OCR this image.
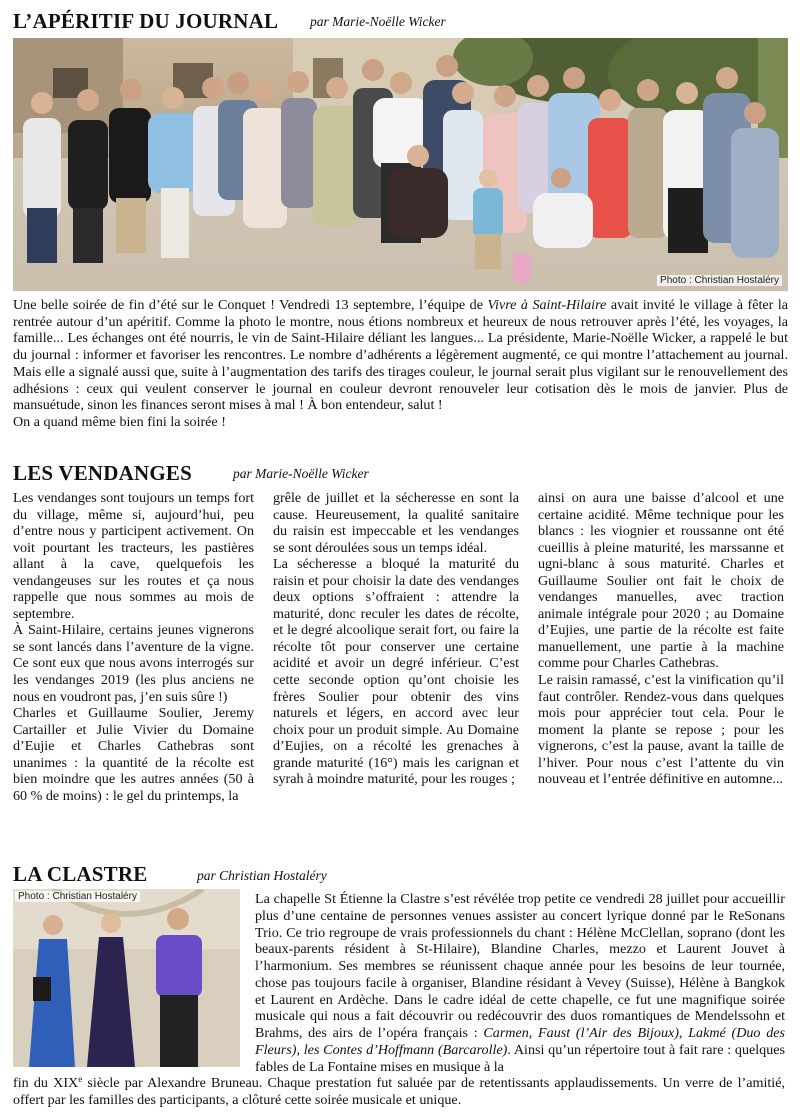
L’APÉRITIF DU JOURNAL par Marie-Noëlle Wicker
Photo : Christian Hostaléry

Une belle soirée de fin d’été sur le Conquet ! Vendredi 13 septembre, l’équipe de Vivre à Saint-Hilaire avait invité le village à fêter la rentrée autour d’un apéritif. Comme la photo le montre, nous étions nombreux et heureux de nous retrouver après l’été, les voyages, la famille... Les échanges ont été nourris, le vin de Saint-Hilaire déliant les langues... La présidente, Marie-Noëlle Wicker, a rappelé le but du journal : informer et favoriser les rencontres. Le nombre d’adhérents a légèrement augmenté, ce qui montre l’attachement au journal. Mais elle a signalé aussi que, suite à l’augmentation des tarifs des tirages couleur, le journal serait plus vigilant sur le renouvellement des adhésions : ceux qui veulent conserver le journal en couleur devront renouveler leur cotisation dès le mois de janvier. Plus de mansuétude, sinon les finances seront mises à mal ! À bon entendeur, salut !

On a quand même bien fini la soirée !

LES VENDANGES	par Marie-Noëlle Wicker

Les vendanges sont toujours un temps fort du village, même si, aujourd’hui, peu d’entre nous y participent activement. On voit pourtant les tracteurs, les pastières allant à la cave, quelquefois les vendangeuses sur les routes et ça nous rappelle que nous sommes au mois de septembre.

À Saint-Hilaire, certains jeunes vignerons se sont lancés dans l’aventure de la vigne. Ce sont eux que nous avons interrogés sur les vendanges 2019 (les plus anciens ne nous en voudront pas, j’en suis sûre !)

Charles et Guillaume Soulier, Jeremy Cartailler et Julie Vivier du Domaine d’Eujie et Charles Cathebras sont unanimes : la quantité de la récolte est bien moindre que les autres années (50 à 60 % de moins) : le gel du printemps, la

grêle de juillet et la sécheresse en sont la cause. Heureusement, la qualité sanitaire du raisin est impeccable et les vendanges se sont déroulées sous un temps idéal.

La sécheresse a bloqué la maturité du raisin et pour choisir la date des vendanges deux options s’offraient : attendre la maturité, donc reculer les dates de récolte, et le degré alcoolique serait fort, ou faire la récolte tôt pour conserver une certaine acidité et avoir un degré inférieur. C’est cette seconde option qu’ont choisie les frères Soulier pour obtenir des vins naturels et légers, en accord avec leur choix pour un produit simple. Au Domaine d’Eujies, on a récolté les grenaches à grande maturité (16°) mais les carignan et syrah à moindre maturité, pour les rouges ;

ainsi on aura une baisse d’alcool et une certaine acidité. Même technique pour les blancs : les viognier et roussanne ont été cueillis à pleine maturité, les marssanne et ugni-blanc à sous maturité. Charles et Guillaume Soulier ont fait le choix de vendanges manuelles, avec traction animale intégrale pour 2020 ; au Domaine d’Eujies, une partie de la récolte est faite manuellement, une partie à la machine comme pour Charles Cathebras.

Le raisin ramassé, c’est la vinification qu’il faut contrôler. Rendez-vous dans quelques mois pour apprécier tout cela. Pour le moment la plante se repose ; pour les vignerons, c’est la pause, avant la taille de l’hiver. Pour nous c’est l’attente du vin nouveau et l’entrée définitive en automne...

LA CLASTRE	par Christian Hostaléry
Photo : Christian Hostaléry	La chapelle St Étienne la Clastre s’est révélée trop petite ce vendredi 28 juillet pour accueillir plus d’une centaine de personnes venues assister au concert lyrique donné par le ReSonans Trio. Ce trio regroupe de vrais professionnels du chant : Hélène McClellan, soprano (dont les beaux-parents résident à St-Hilaire), Blandine Charles, mezzo et Laurent Jouvet à l’harmonium. Ses membres se réunissent chaque année pour les besoins de leur tournée, chose pas toujours facile à organiser, Blandine résidant à Vevey (Suisse), Hélène à Bangkok et Laurent en Ardèche. Dans le cadre idéal de cette chapelle, ce fut une magnifique soirée musicale qui nous a fait découvrir ou redécouvrir des duos romantiques de Mendelssohn et Brahms, des airs de l’opéra français : Carmen, Faust (l’Air des Bijoux), Lakmé (Duo des Fleurs), les Contes d’Hoffmann (Barcarolle). Ainsi qu’un répertoire tout à fait rare : quelques fables de La Fontaine mises en musique à la

fin du XIXe siècle par Alexandre Bruneau. Chaque prestation fut saluée par de retentissants applaudissements. Un verre de l’amitié, offert par les familles des participants, a clôturé cette soirée musicale et unique.
